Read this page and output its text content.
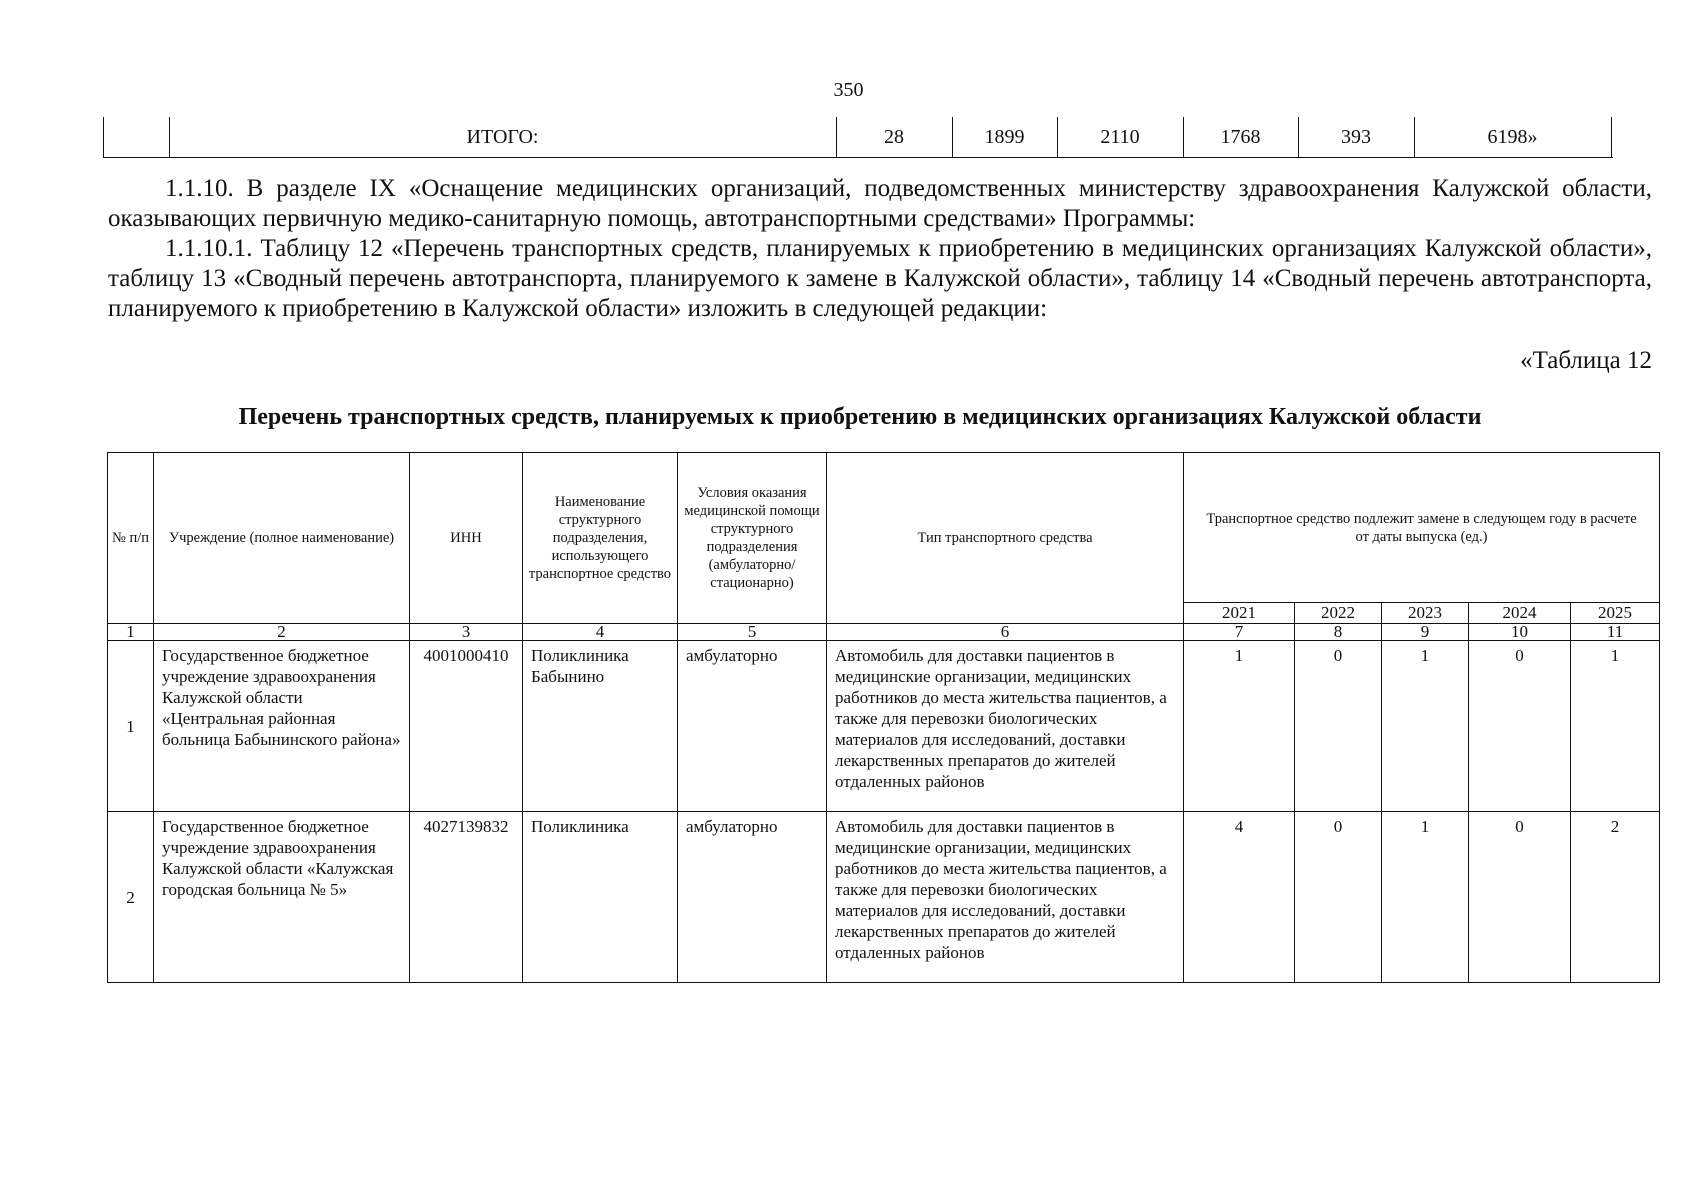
350
ИТОГО:	28	1899	2110	1768	393	6198»

1.1.10. В разделе IX «Оснащение медицинских организаций, подведомственных министерству здравоохранения Калужской области, оказывающих первичную медико-санитарную помощь, автотранспортными средствами» Программы:

1.1.10.1. Таблицу 12 «Перечень транспортных средств, планируемых к приобретению в медицинских организациях Калужской области», таблицу 13 «Сводный перечень автотранспорта, планируемого к замене в Калужской области», таблицу 14 «Сводный перечень автотранспорта, планируемого к приобретению в Калужской области» изложить в следующей редакции:

«Таблица 12
Перечень транспортных средств, планируемых к приобретению в медицинских организациях Калужской области
№ п/п	Учреждение (полное наименование)	ИНН	Наименование структурного подразделения, использующего транспортное средство	Условия оказания медицинской помощи структурного подразделения (амбулаторно/ стационарно)	Тип транспортного средства	Транспортное средство подлежит замене в следующем году в расчете от даты выпуска (ед.)				
						2021	2022	2023	2024	2025
1	2	3	4	5	6	7	8	9	10	11
1	Государственное бюджетное учреждение здравоохранения Калужской области «Центральная районная больница Бабынинского района»	4001000410	Поликлиника Бабынино	амбулаторно	Автомобиль для доставки пациентов в медицинские организации, медицинских работников до места жительства пациентов, а также для перевозки биологических материалов для исследований, доставки лекарственных препаратов до жителей отдаленных районов	1	0	1	0	1
2	Государственное бюджетное учреждение здравоохранения Калужской области «Калужская городская больница № 5»	4027139832	Поликлиника	амбулаторно	Автомобиль для доставки пациентов в медицинские организации, медицинских работников до места жительства пациентов, а также для перевозки биологических материалов для исследований, доставки лекарственных препаратов до жителей отдаленных районов	4	0	1	0	2
